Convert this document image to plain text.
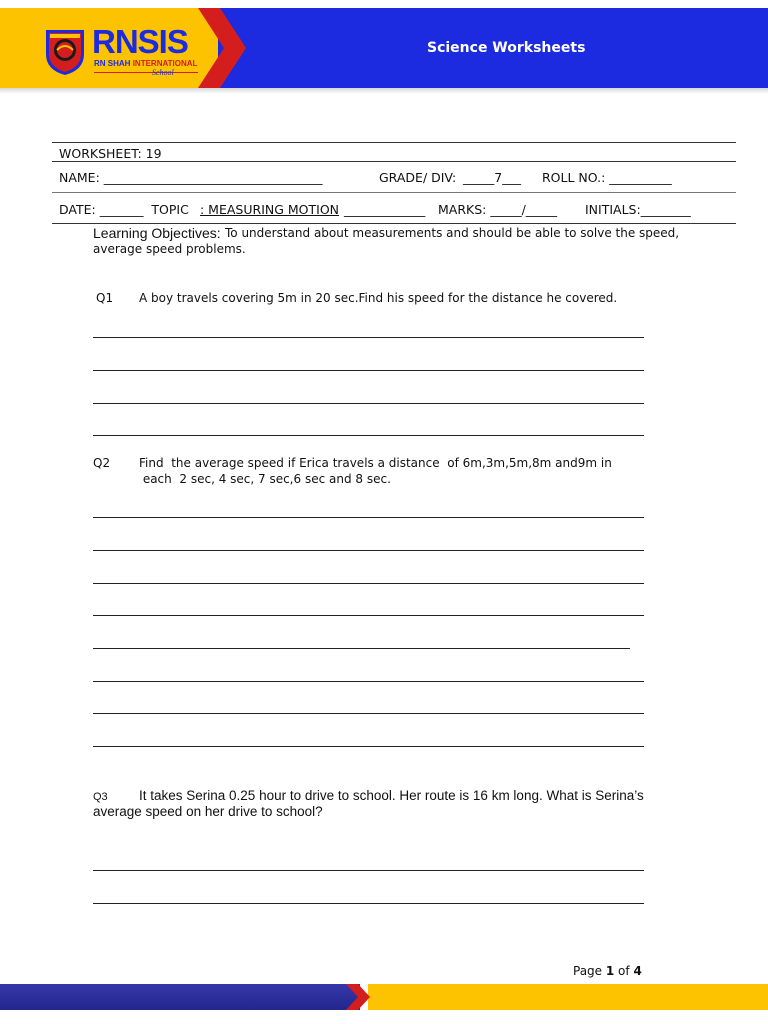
Science Worksheets
RNSIS
RN SHAH INTERNATIONAL
School
WORKSHEET: 19
NAME: ___________________________________	GRADE/ DIV: _____7___ ROLL NO.: __________
DATE: _______  TOPIC : MEASURING MOTION _____________ MARKS: _____/_____ INITIALS:________
Learning Objectives: To understand about measurements and should be able to solve the speed,
average speed problems.
Q1 A boy travels covering 5m in 20 sec.Find his speed for the distance he covered.
Q2 Find  the average speed if Erica travels a distance  of 6m,3m,5m,8m and9m in
each  2 sec, 4 sec, 7 sec,6 sec and 8 sec.
Q3	It takes Serina 0.25 hour to drive to school. Her route is 16 km long. What is Serina’s average speed on her drive to school?
Page 1 of 4
